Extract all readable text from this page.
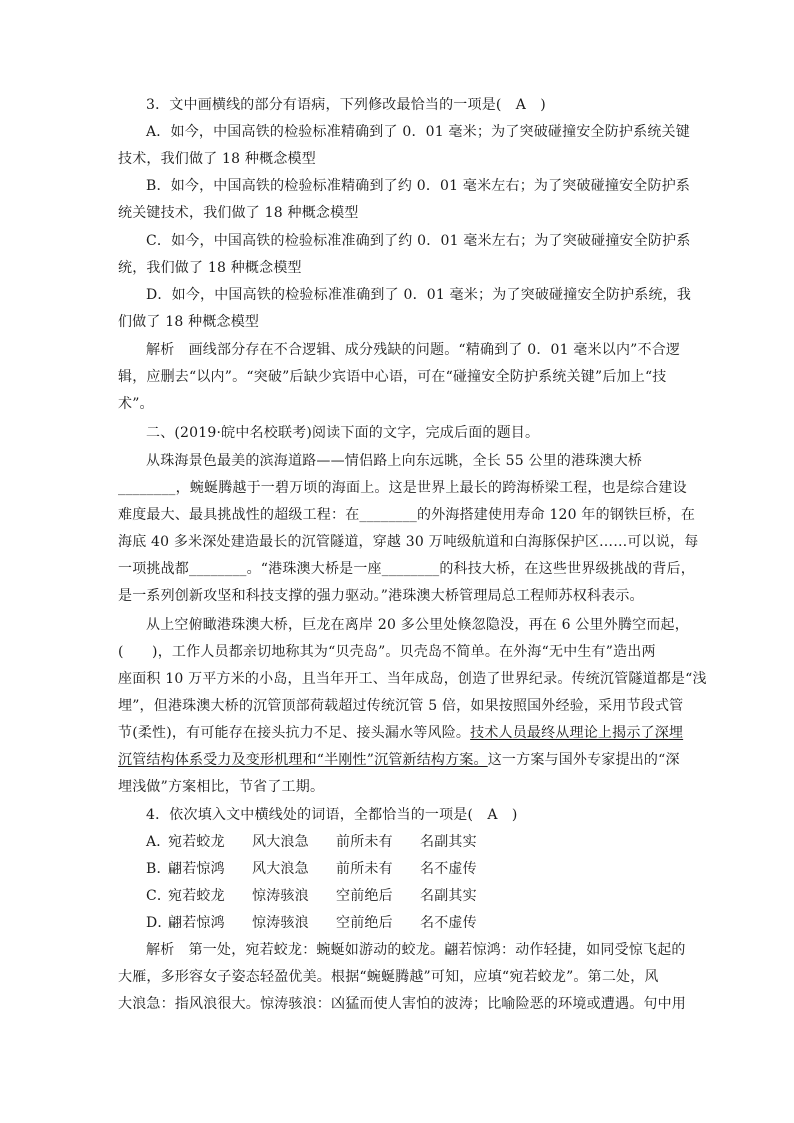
3．文中画横线的部分有语病，下列修改最恰当的一项是(　A　)
A．如今，中国高铁的检验标准精确到了 0．01 毫米；为了突破碰撞安全防护系统关键
技术，我们做了 18 种概念模型
B．如今，中国高铁的检验标准精确到了约 0．01 毫米左右；为了突破碰撞安全防护系
统关键技术，我们做了 18 种概念模型
C．如今，中国高铁的检验标准准确到了约 0．01 毫米左右；为了突破碰撞安全防护系
统，我们做了 18 种概念模型
D．如今，中国高铁的检验标准准确到了 0．01 毫米；为了突破碰撞安全防护系统，我
们做了 18 种概念模型
解析　画线部分存在不合逻辑、成分残缺的问题。“精确到了 0．01 毫米以内”不合逻
辑，应删去“以内”。“突破”后缺少宾语中心语，可在“碰撞安全防护系统关键”后加上“技
术”。
二、(2019·皖中名校联考)阅读下面的文字，完成后面的题目。
从珠海景色最美的滨海道路——情侣路上向东远眺，全长 55 公里的港珠澳大桥
________，蜿蜒腾越于一碧万顷的海面上。这是世界上最长的跨海桥梁工程，也是综合建设
难度最大、最具挑战性的超级工程：在________的外海搭建使用寿命 120 年的钢铁巨桥，在
海底 40 多米深处建造最长的沉管隧道，穿越 30 万吨级航道和白海豚保护区……可以说，每
一项挑战都________。“港珠澳大桥是一座________的科技大桥，在这些世界级挑战的背后，
是一系列创新攻坚和科技支撑的强力驱动。”港珠澳大桥管理局总工程师苏权科表示。
从上空俯瞰港珠澳大桥，巨龙在离岸 20 多公里处倏忽隐没，再在 6 公里外腾空而起，
(　　)，工作人员都亲切地称其为“贝壳岛”。贝壳岛不简单。在外海“无中生有”造出两
座面积 10 万平方米的小岛，且当年开工、当年成岛，创造了世界纪录。传统沉管隧道都是“浅
埋”，但港珠澳大桥的沉管顶部荷载超过传统沉管 5 倍，如果按照国外经验，采用节段式管
节(柔性)，有可能存在接头抗力不足、接头漏水等风险。技术人员最终从理论上揭示了深埋
沉管结构体系受力及变形机理和“半刚性”沉管新结构方案。这一方案与国外专家提出的“深
埋浅做”方案相比，节省了工期。
4．依次填入文中横线处的词语，全都恰当的一项是(　A　)
A．宛若蛟龙 风大浪急 前所未有 名副其实
B．翩若惊鸿 风大浪急 前所未有 名不虚传
C．宛若蛟龙 惊涛骇浪 空前绝后 名副其实
D．翩若惊鸿 惊涛骇浪 空前绝后 名不虚传
解析　第一处，宛若蛟龙：蜿蜒如游动的蛟龙。翩若惊鸿：动作轻捷，如同受惊飞起的
大雁，多形容女子姿态轻盈优美。根据“蜿蜒腾越”可知，应填“宛若蛟龙”。第二处，风
大浪急：指风浪很大。惊涛骇浪：凶猛而使人害怕的波涛；比喻险恶的环境或遭遇。句中用
